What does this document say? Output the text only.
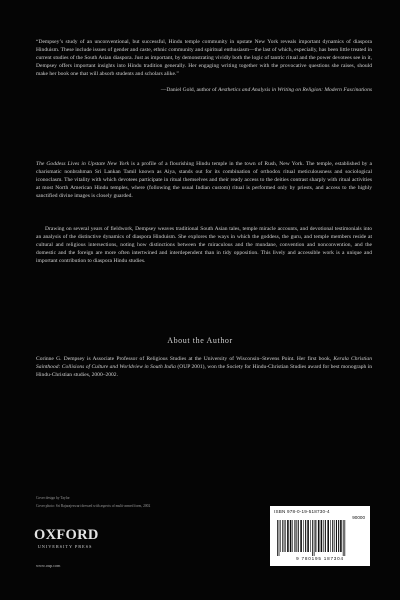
“Dempsey’s study of an unconventional, but successful, Hindu temple community in upstate New York reveals important dynamics of diaspora Hinduism. These include issues of gender and caste, ethnic community and spiritual enthusiasm—the last of which, especially, has been little treated in current studies of the South Asian diaspora. Just as important, by demonstrating vividly both the logic of tantric ritual and the power devotees see in it, Dempsey offers important insights into Hindu tradition generally. Her engaging writing together with the provocative questions she raises, should make her book one that will absorb students and scholars alike.”

—Daniel Gold, author of Aesthetics and Analysis in Writing on Religion: Modern Fascinations

The Goddess Lives in Upstate New York is a profile of a flourishing Hindu temple in the town of Rush, New York. The temple, established by a charismatic nonbrahman Sri Lankan Tamil known as Aiya, stands out for its combination of orthodox ritual meticulousness and sociological iconoclasm. The vitality with which devotees participate in ritual themselves and their ready access to the deities contrast sharply with ritual activities at most North American Hindu temples, where (following the usual Indian custom) ritual is performed only by priests, and access to the highly sanctified divine images is closely guarded.

Drawing on several years of fieldwork, Dempsey weaves traditional South Asian tales, temple miracle accounts, and devotional testimonials into an analysis of the distinctive dynamics of diaspora Hinduism. She explores the ways in which the goddess, the guru, and temple members reside at cultural and religious intersections, noting how distinctions between the miraculous and the mundane, convention and nonconvention, and the domestic and the foreign are more often intertwined and interdependent than in tidy opposition. This lively and accessible work is a unique and important contribution to diaspora Hindu studies.

About the Author

Corinne G. Dempsey is Associate Professor of Religious Studies at the University of Wisconsin–Stevens Point. Her first book, Kerala Christian Sainthood: Collisions of Culture and Worldview in South India (OUP 2001), won the Society for Hindu-Christian Studies award for best monograph in Hindu-Christian studies, 2000–2002.

Cover design by Taylor
Cover photo: Sri Rajarajeswari dressed with aspects of multi-armed form, 2002
OXFORD
UNIVERSITY PRESS
www.oup.com
ISBN 978-0-19-518730-4
90000
9 780195 187304
